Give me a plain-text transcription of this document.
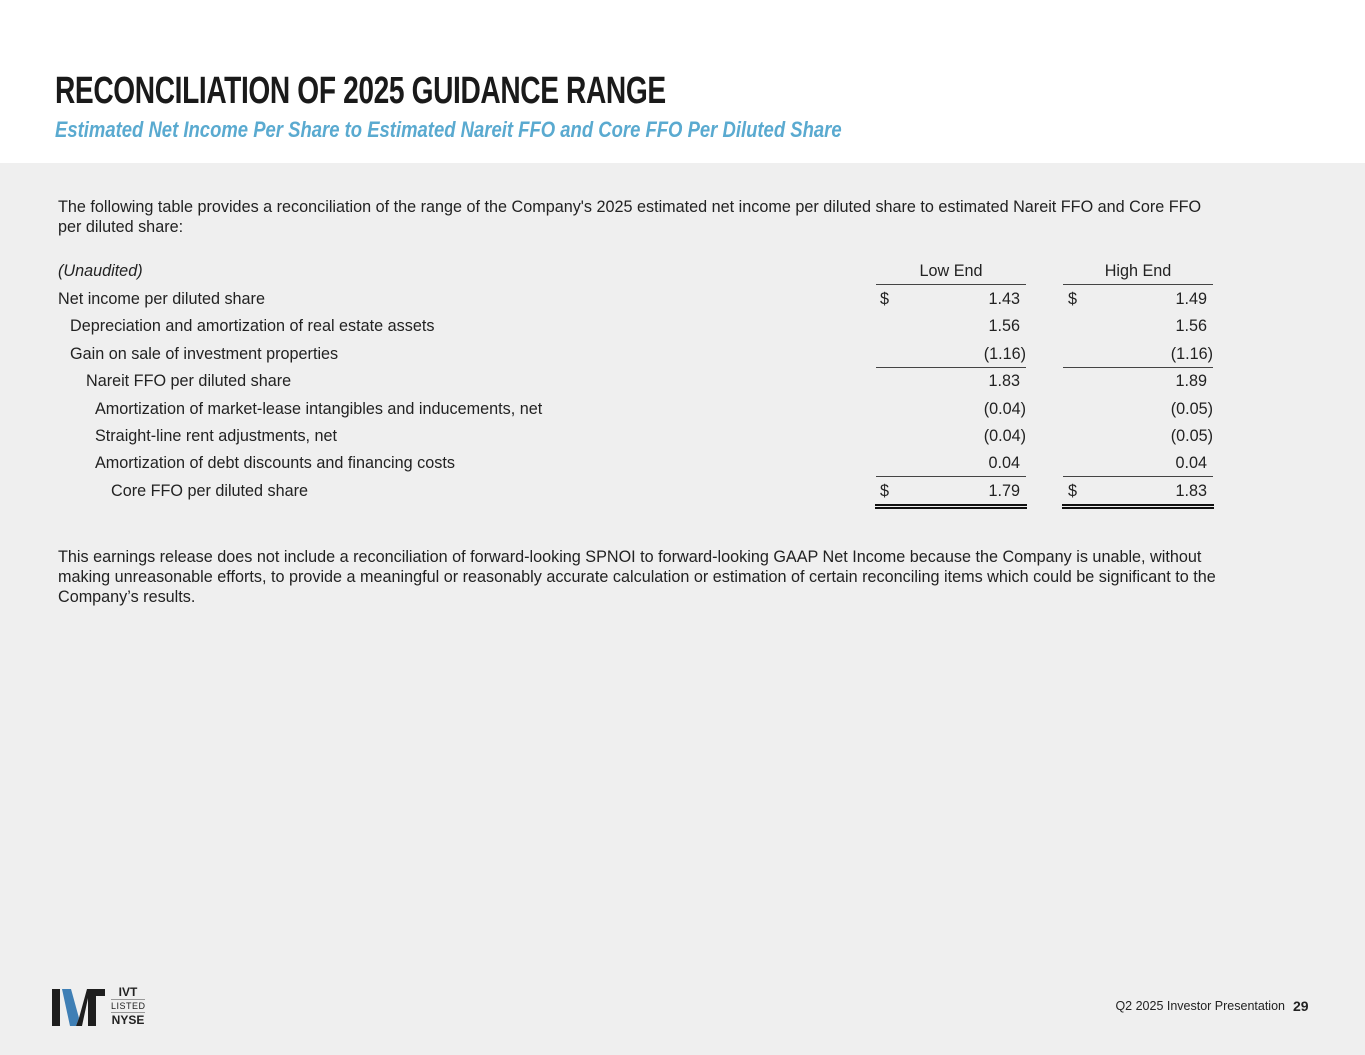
RECONCILIATION OF 2025 GUIDANCE RANGE
Estimated Net Income Per Share to Estimated Nareit FFO and Core FFO Per Diluted Share
The following table provides a reconciliation of the range of the Company's 2025 estimated net income per diluted share to estimated Nareit FFO and Core FFO per diluted share:
(Unaudited)	Low End	High End
Net income per diluted share	$	1.43	$	1.49
Depreciation and amortization of real estate assets	1.56	1.56
Gain on sale of investment properties	(1.16)	(1.16)
Nareit FFO per diluted share	1.83	1.89
Amortization of market-lease intangibles and inducements, net	(0.04)	(0.05)
Straight-line rent adjustments, net	(0.04)	(0.05)
Amortization of debt discounts and financing costs	0.04	0.04
Core FFO per diluted share	$	1.79	$	1.83
This earnings release does not include a reconciliation of forward-looking SPNOI to forward-looking GAAP Net Income because the Company is unable, without making unreasonable efforts, to provide a meaningful or reasonably accurate calculation or estimation of certain reconciling items which could be significant to the Company’s results.
IVT
LISTED
NYSE
Q2 2025 Investor Presentation 29
